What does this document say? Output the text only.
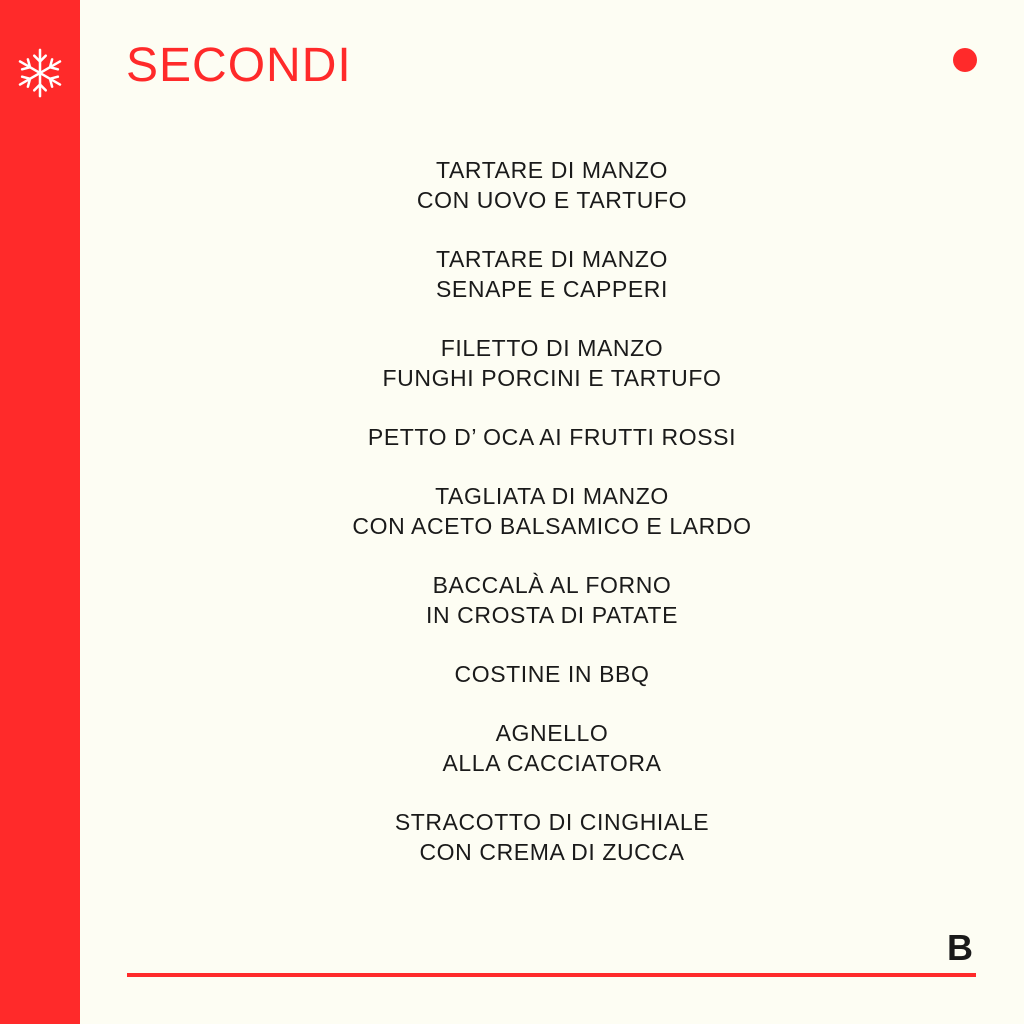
SECONDI
TARTARE DI MANZO
CON UOVO E TARTUFO
TARTARE DI MANZO
SENAPE E CAPPERI
FILETTO DI MANZO
FUNGHI PORCINI E TARTUFO
PETTO D’ OCA AI FRUTTI ROSSI
TAGLIATA DI MANZO
CON ACETO BALSAMICO E LARDO
BACCALÀ AL FORNO
IN CROSTA DI PATATE
COSTINE IN BBQ
AGNELLO
ALLA CACCIATORA
STRACOTTO DI CINGHIALE
CON CREMA DI ZUCCA
B
